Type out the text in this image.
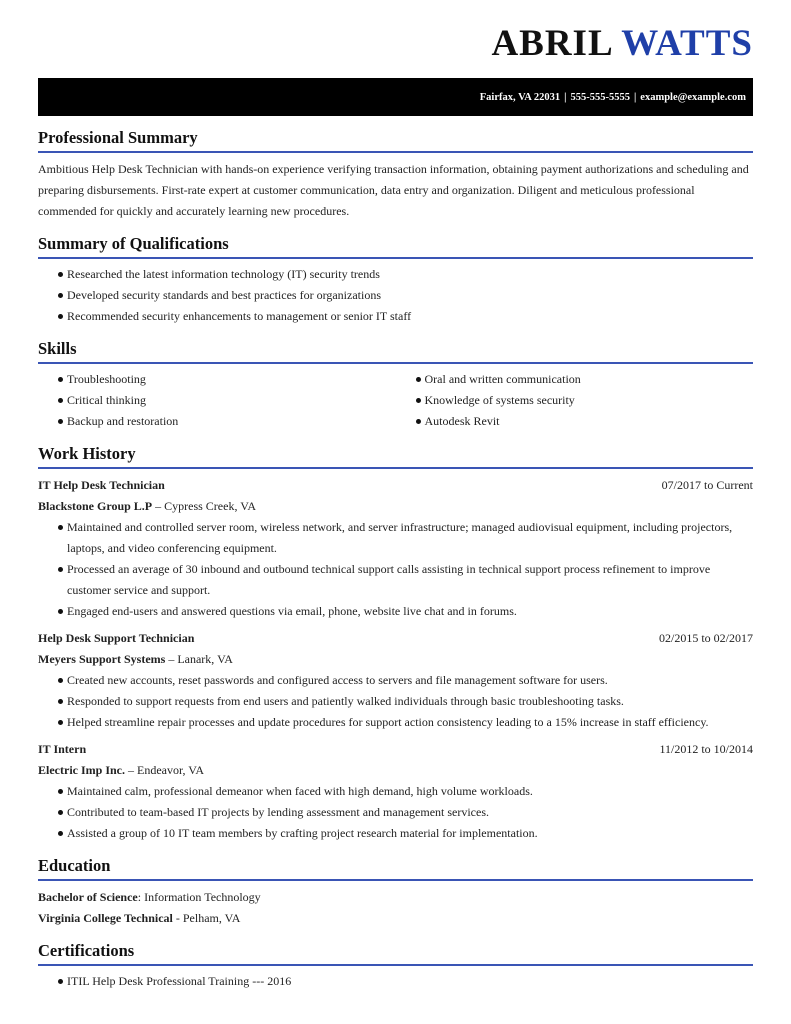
ABRIL WATTS
Fairfax, VA 22031 | 555-555-5555 | example@example.com
Professional Summary

Ambitious Help Desk Technician with hands-on experience verifying transaction information, obtaining payment authorizations and scheduling and preparing disbursements. First-rate expert at customer communication, data entry and organization. Diligent and meticulous professional commended for quickly and accurately learning new procedures.

Summary of Qualifications
Researched the latest information technology (IT) security trends
Developed security standards and best practices for organizations
Recommended security enhancements to management or senior IT staff
Skills
Troubleshooting
Critical thinking
Backup and restoration
Oral and written communication
Knowledge of systems security
Autodesk Revit
Work History
IT Help Desk Technician	07/2017 to Current
Blackstone Group L.P – Cypress Creek, VA
Maintained and controlled server room, wireless network, and server infrastructure; managed audiovisual equipment, including projectors, laptops, and video conferencing equipment.
Processed an average of 30 inbound and outbound technical support calls assisting in technical support process refinement to improve customer service and support.
Engaged end-users and answered questions via email, phone, website live chat and in forums.
Help Desk Support Technician	02/2015 to 02/2017
Meyers Support Systems – Lanark, VA
Created new accounts, reset passwords and configured access to servers and file management software for users.
Responded to support requests from end users and patiently walked individuals through basic troubleshooting tasks.
Helped streamline repair processes and update procedures for support action consistency leading to a 15% increase in staff efficiency.
IT Intern	11/2012 to 10/2014
Electric Imp Inc. – Endeavor, VA
Maintained calm, professional demeanor when faced with high demand, high volume workloads.
Contributed to team-based IT projects by lending assessment and management services.
Assisted a group of 10 IT team members by crafting project research material for implementation.
Education
Bachelor of Science: Information Technology
Virginia College Technical - Pelham, VA
Certifications
ITIL Help Desk Professional Training --- 2016
